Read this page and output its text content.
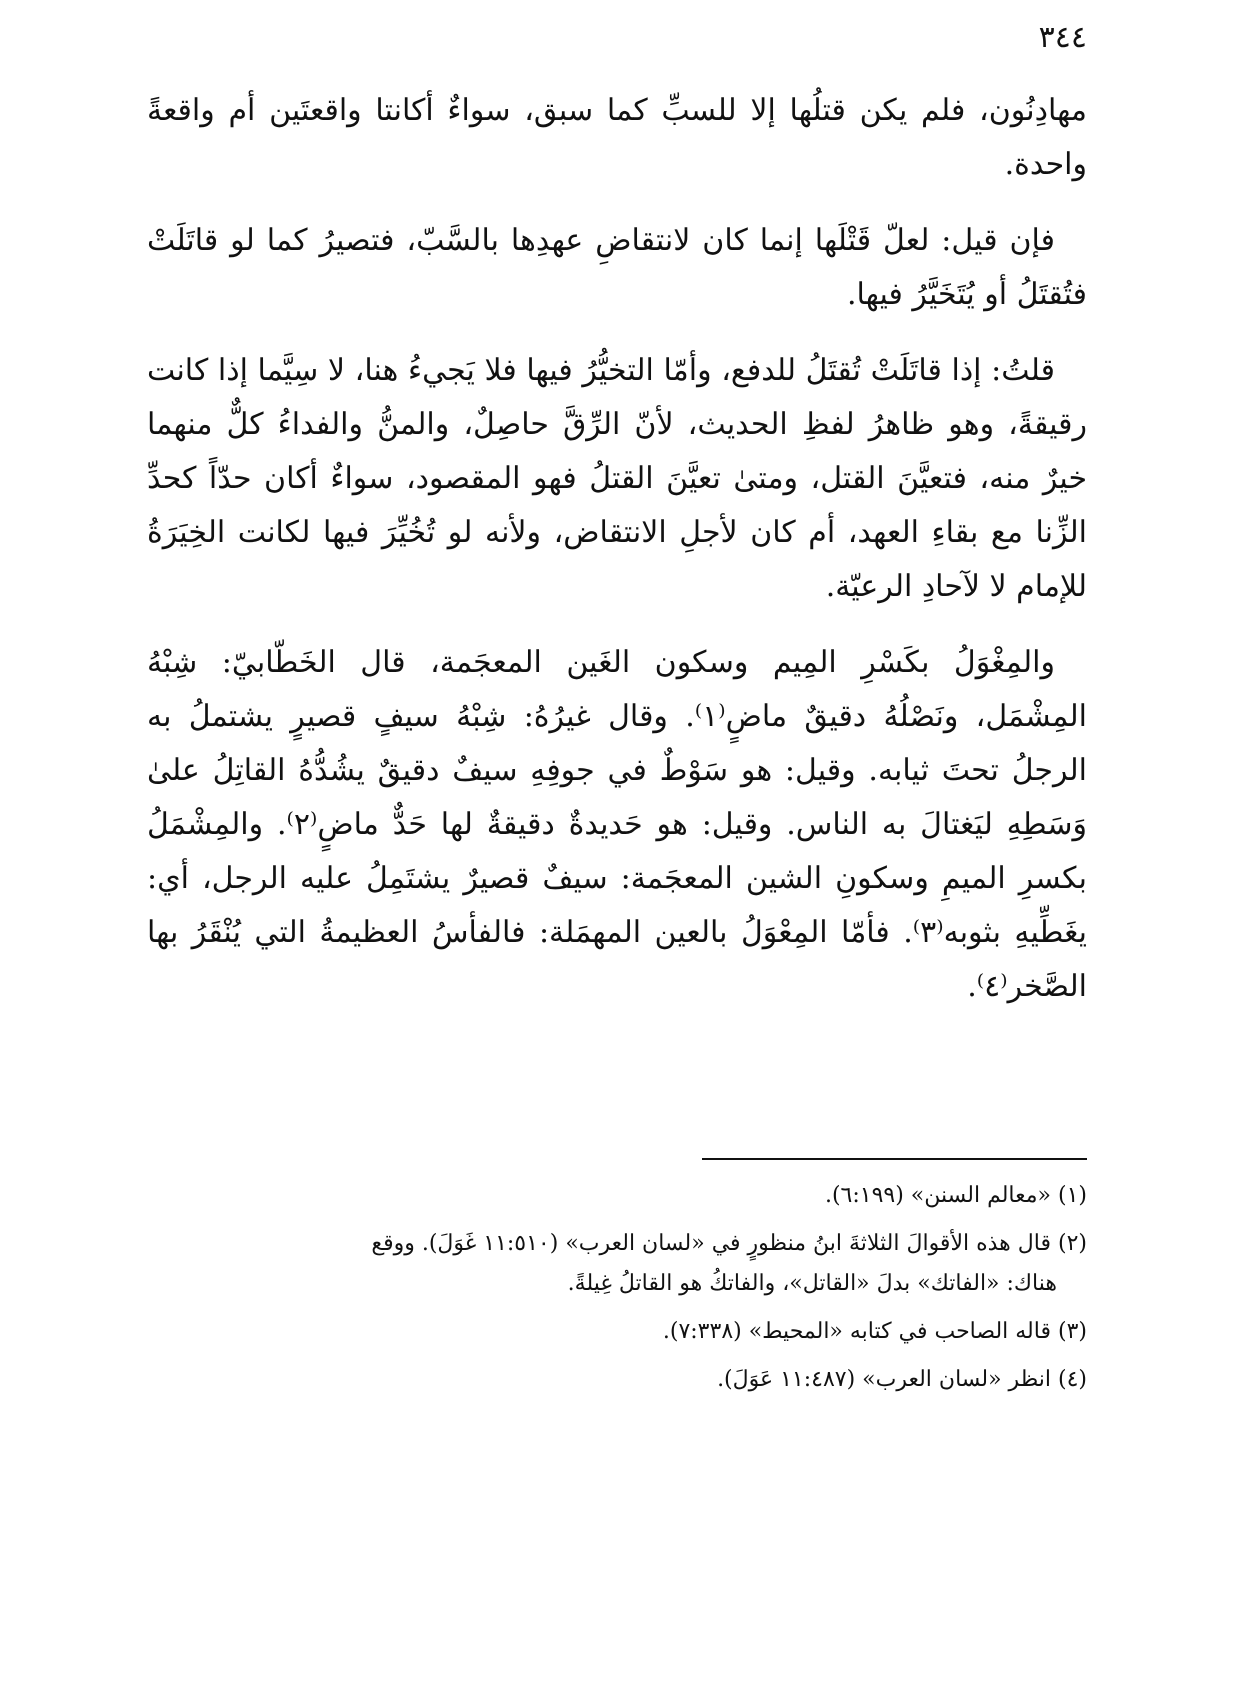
٣٤٤

مهادِنُون، فلم يكن قتلُها إلا للسبِّ كما سبق، سواءٌ أكانتا واقعتَين أم واقعةً واحدة.

فإن قيل: لعلّ قَتْلَها إنما كان لانتقاضِ عهدِها بالسَّبّ، فتصيرُ كما لو قاتَلَتْ فتُقتَلُ أو يُتَخَيَّرُ فيها.

قلتُ: إذا قاتَلَتْ تُقتَلُ للدفع، وأمّا التخيُّرُ فيها فلا يَجيءُ هنا، لا سِيَّما إذا كانت رقيقةً، وهو ظاهرُ لفظِ الحديث، لأنّ الرِّقَّ حاصِلٌ، والمنُّ والفداءُ كلٌّ منهما خيرٌ منه، فتعيَّنَ القتل، ومتىٰ تعيَّنَ القتلُ فهو المقصود، سواءٌ أكان حدّاً كحدِّ الزِّنا مع بقاءِ العهد، أم كان لأجلِ الانتقاض، ولأنه لو تُخُيِّرَ فيها لكانت الخِيَرَةُ للإمام لا لآحادِ الرعيّة.

والمِغْوَلُ بكَسْرِ المِيم وسكون الغَين المعجَمة، قال الخَطّابيّ: شِبْهُ المِشْمَل، ونَصْلُهُ دقيقٌ ماضٍ⁽١⁾. وقال غيرُهُ: شِبْهُ سيفٍ قصيرٍ يشتملُ به الرجلُ تحتَ ثيابه. وقيل: هو سَوْطٌ في جوفِهِ سيفٌ دقيقٌ يشُدُّهُ القاتِلُ علىٰ وَسَطِهِ ليَغتالَ به الناس. وقيل: هو حَديدةٌ دقيقةٌ لها حَدٌّ ماضٍ⁽٢⁾. والمِشْمَلُ بكسرِ الميمِ وسكونِ الشين المعجَمة: سيفٌ قصيرٌ يشتَمِلُ عليه الرجل، أي: يغَطِّيهِ بثوبه⁽٣⁾. فأمّا المِعْوَلُ بالعين المهمَلة: فالفأسُ العظيمةُ التي يُنْقَرُ بها الصَّخر⁽٤⁾.

(١) «معالم السنن» (٦:١٩٩).
(٢) قال هذه الأقوالَ الثلاثةَ ابنُ منظورٍ في «لسان العرب» (١١:٥١٠ غَوَلَ). ووقع
هناك: «الفاتك» بدلَ «القاتل»، والفاتكُ هو القاتلُ غِيلةً.
(٣) قاله الصاحب في كتابه «المحيط» (٧:٣٣٨).
(٤) انظر «لسان العرب» (١١:٤٨٧ عَوَلَ).
